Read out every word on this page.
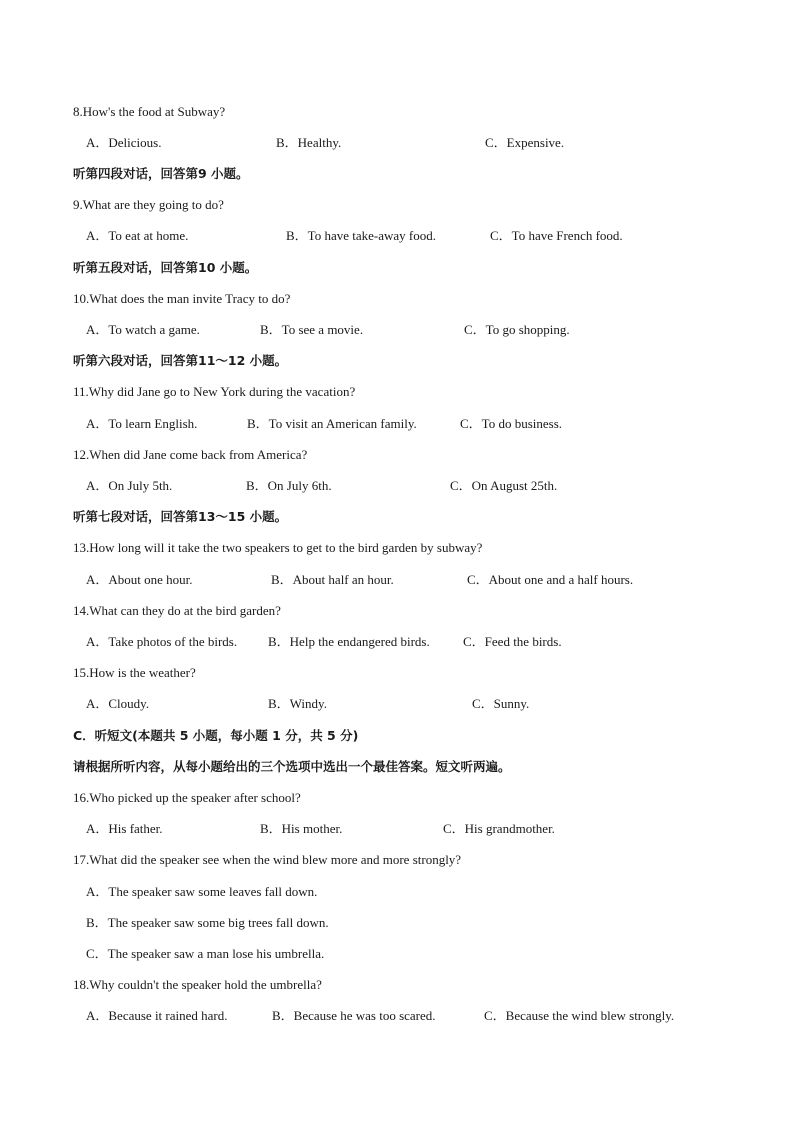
8.How's the food at Subway?
A．Delicious.	B．Healthy.	C．Expensive.
听第四段对话，回答第9 小题。
9.What are they going to do?
A．To eat at home.	B．To have take-away food.	C．To have French food.
听第五段对话，回答第10 小题。
10.What does the man invite Tracy to do?
A．To watch a game.	B．To see a movie.	C．To go shopping.
听第六段对话，回答第11～12 小题。
11.Why did Jane go to New York during the vacation?
A．To learn English.	B．To visit an American family.	C．To do business.
12.When did Jane come back from America?
A．On July 5th.	B．On July 6th.	C．On August 25th.
听第七段对话，回答第13～15 小题。
13.How long will it take the two speakers to get to the bird garden by subway?
A．About one hour.	B．About half an hour.	C．About one and a half hours.
14.What can they do at the bird garden?
A．Take photos of the birds. B．Help the endangered birds.	C．Feed the birds.
15.How is the weather?
A．Cloudy.	B．Windy.	C．Sunny.
C．听短文(本题共 5 小题，每小题 1 分，共 5 分)
请根据所听内容，从每小题给出的三个选项中选出一个最佳答案。短文听两遍。
16.Who picked up the speaker after school?
A．His father.	B．His mother.	C．His grandmother.
17.What did the speaker see when the wind blew more and more strongly?
A．The speaker saw some leaves fall down.
B．The speaker saw some big trees fall down.
C．The speaker saw a man lose his umbrella.
18.Why couldn't the speaker hold the umbrella?
A．Because it rained hard.	B．Because he was too scared.	C．Because the wind blew strongly.
